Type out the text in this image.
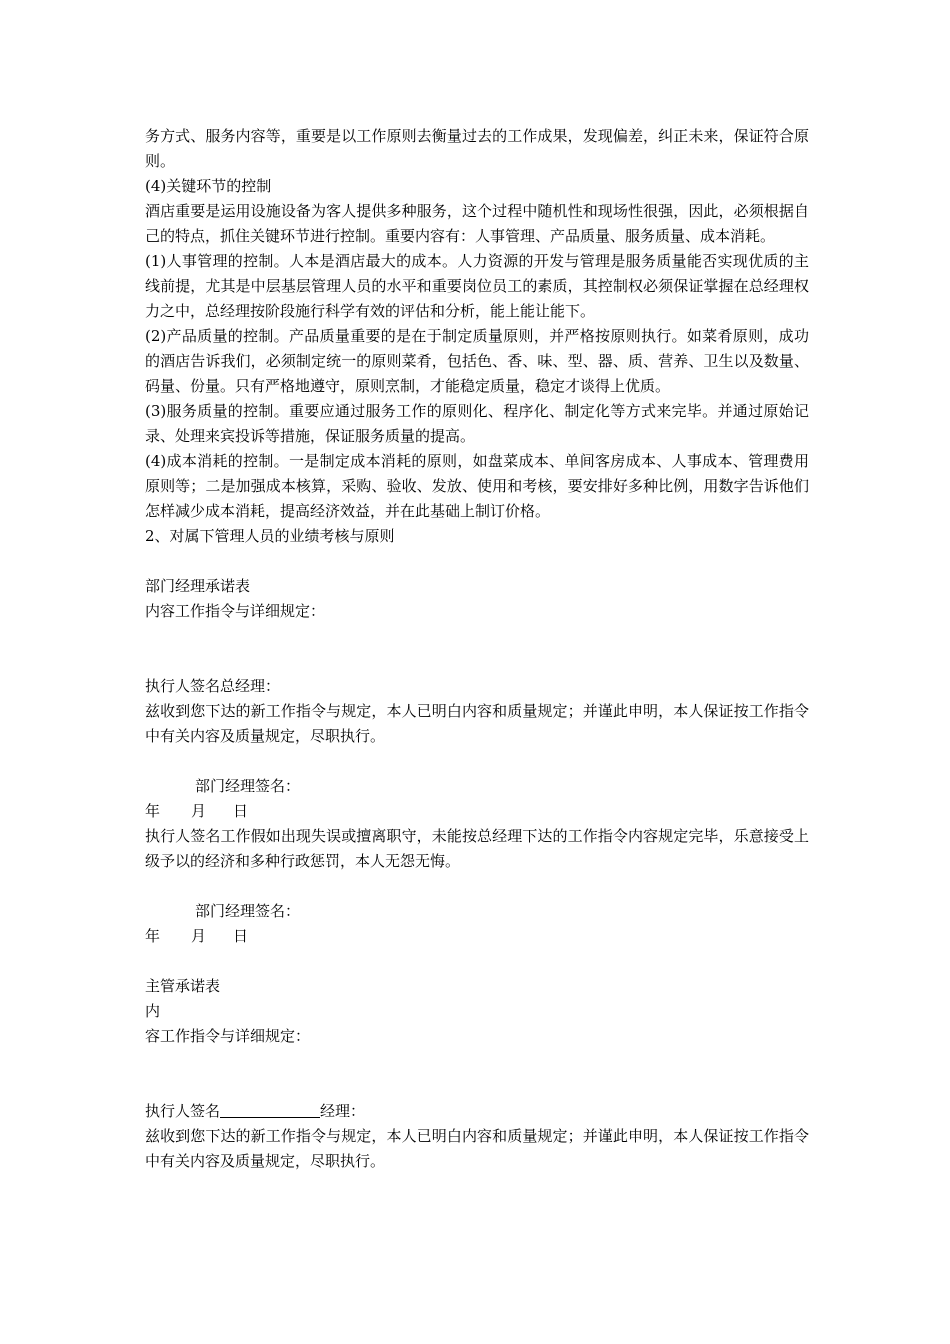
务方式、服务内容等，重要是以工作原则去衡量过去的工作成果，发现偏差，纠正未来，保证符合原则。

(4)关键环节的控制

酒店重要是运用设施设备为客人提供多种服务，这个过程中随机性和现场性很强，因此，必须根据自己的特点，抓住关键环节进行控制。重要内容有：人事管理、产品质量、服务质量、成本消耗。

(1)人事管理的控制。人本是酒店最大的成本。人力资源的开发与管理是服务质量能否实现优质的主线前提，尤其是中层基层管理人员的水平和重要岗位员工的素质，其控制权必须保证掌握在总经理权力之中，总经理按阶段施行科学有效的评估和分析，能上能让能下。

(2)产品质量的控制。产品质量重要的是在于制定质量原则，并严格按原则执行。如菜肴原则，成功的酒店告诉我们，必须制定统一的原则菜肴，包括色、香、味、型、器、质、营养、卫生以及数量、码量、份量。只有严格地遵守，原则烹制，才能稳定质量，稳定才谈得上优质。

(3)服务质量的控制。重要应通过服务工作的原则化、程序化、制定化等方式来完毕。并通过原始记录、处理来宾投诉等措施，保证服务质量的提高。

(4)成本消耗的控制。一是制定成本消耗的原则，如盘菜成本、单间客房成本、人事成本、管理费用原则等；二是加强成本核算，采购、验收、发放、使用和考核，要安排好多种比例，用数字告诉他们怎样减少成本消耗，提高经济效益，并在此基础上制订价格。

2、对属下管理人员的业绩考核与原则

部门经理承诺表

内容工作指令与详细规定：

执行人签名总经理：

兹收到您下达的新工作指令与规定，本人已明白内容和质量规定；并谨此申明，本人保证按工作指令中有关内容及质量规定，尽职执行。

部门经理签名：

年 月 日

执行人签名工作假如出现失误或擅离职守，未能按总经理下达的工作指令内容规定完毕，乐意接受上级予以的经济和多种行政惩罚，本人无怨无悔。

部门经理签名：

年 月 日

主管承诺表

内

容工作指令与详细规定：

执行人签名	经理：

兹收到您下达的新工作指令与规定，本人已明白内容和质量规定；并谨此申明，本人保证按工作指令中有关内容及质量规定，尽职执行。
